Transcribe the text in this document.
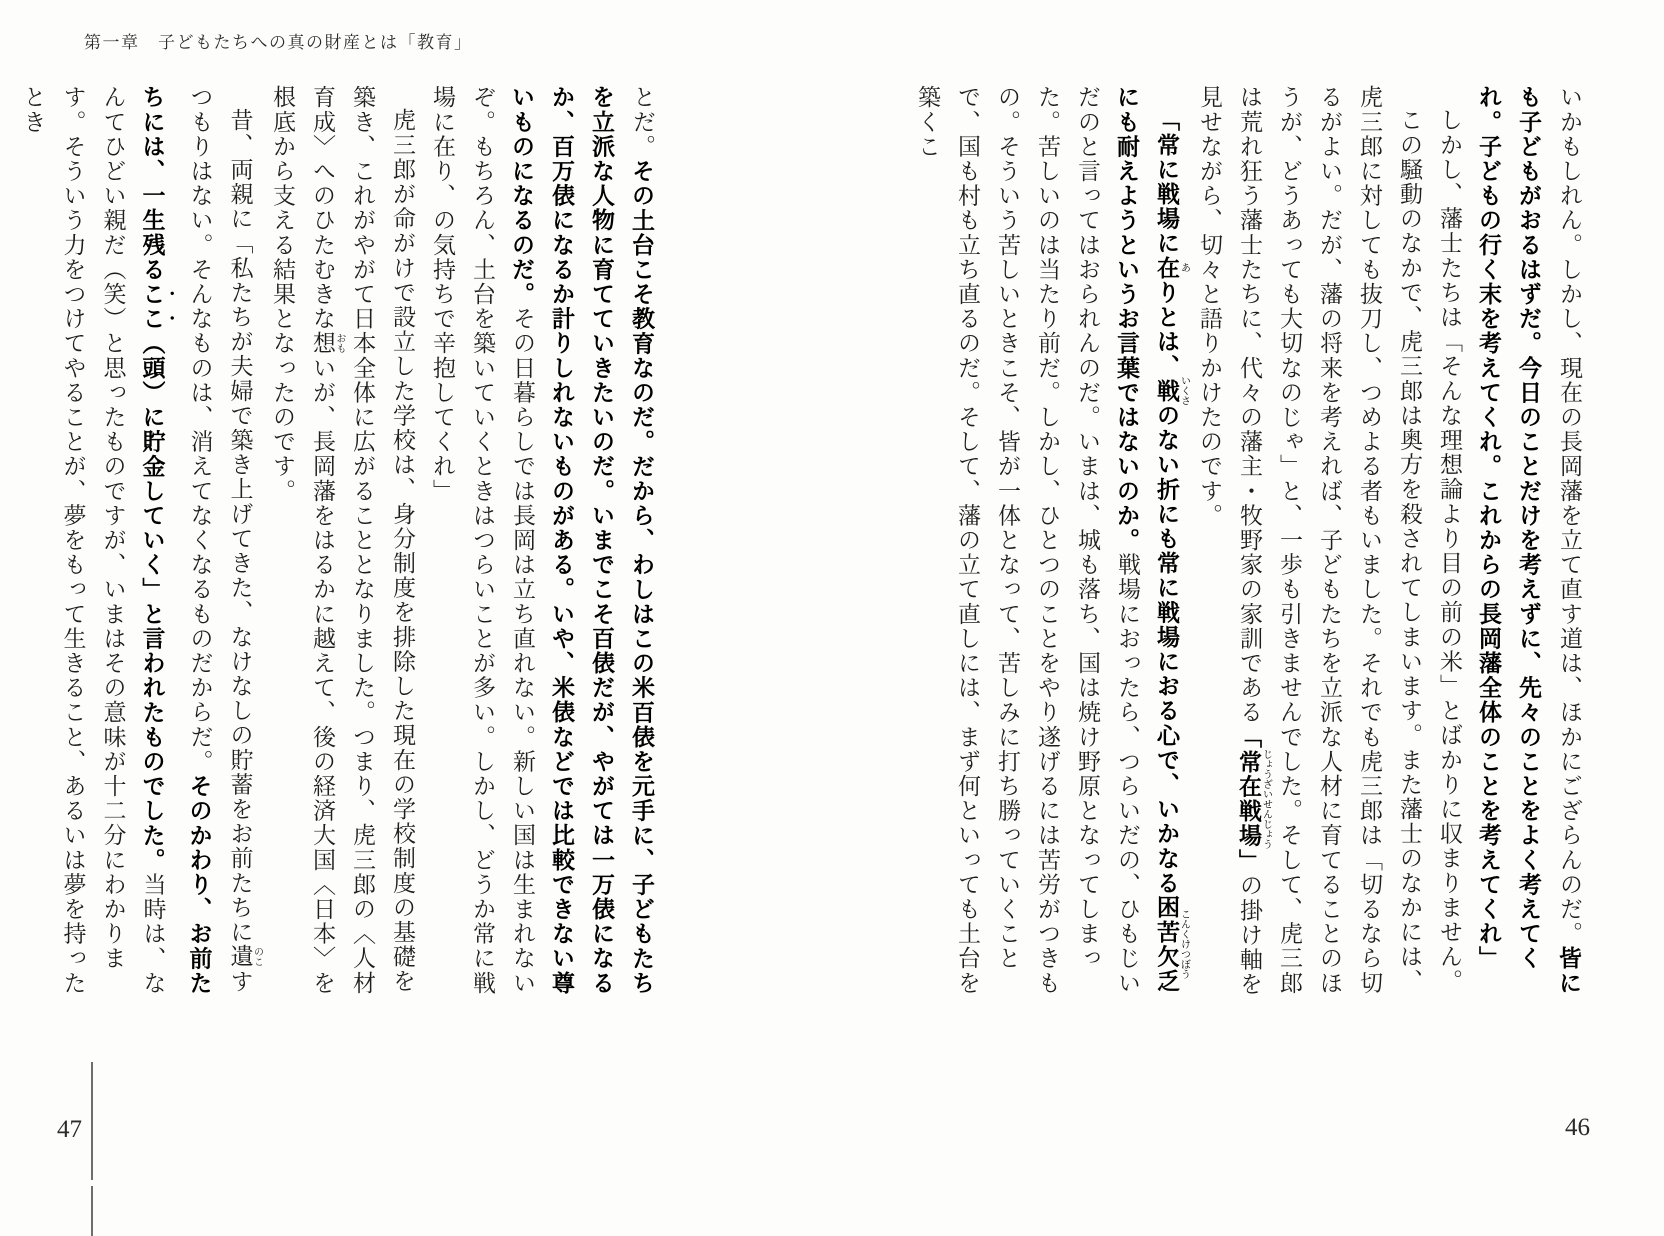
第一章　子どもたちへの真の財産とは「教育」

いかもしれん。しかし、現在の長岡藩を立て直す道は、ほかにござらんのだ。皆にも子どもがおるはずだ。今日のことだけを考えずに、先々のことをよく考えてくれ。子どもの行く末を考えてくれ。これからの長岡藩全体のことを考えてくれ」

しかし、藩士たちは「そんな理想論より目の前の米」とばかりに収まりません。

この騒動のなかで、虎三郎は奥方を殺されてしまいます。また藩士のなかには、虎三郎に対しても抜刀し、つめよる者もいました。それでも虎三郎は「切るなら切るがよい。だが、藩の将来を考えれば、子どもたちを立派な人材に育てることのほうが、どうあっても大切なのじゃ」と、一歩も引きませんでした。そして、虎三郎は荒れ狂う藩士たちに、代々の藩主・牧野家の家訓である「常在戦場じょうざいせんじょう」の掛け軸を見せながら、切々と語りかけたのです。

「常に戦場に在ありとは、戦いくさのない折にも常に戦場におる心で、いかなる困苦欠乏こんくけつぼうにも耐えようというお言葉ではないのか。戦場におったら、つらいだの、ひもじいだのと言ってはおられんのだ。いまは、城も落ち、国は焼け野原となってしまった。苦しいのは当たり前だ。しかし、ひとつのことをやり遂げるには苦労がつきもの。そういう苦しいときこそ、皆が一体となって、苦しみに打ち勝っていくことで、国も村も立ち直るのだ。そして、藩の立て直しには、まず何といっても土台を築くこ

とだ。その土台こそ教育なのだ。だから、わしはこの米百俵を元手に、子どもたちを立派な人物に育てていきたいのだ。いまでこそ百俵だが、やがては一万俵になるか、百万俵になるか計りしれないものがある。いや、米俵などでは比較できない尊いものになるのだ。その日暮らしでは長岡は立ち直れない。新しい国は生まれないぞ。もちろん、土台を築いていくときはつらいことが多い。しかし、どうか常に戦場に在り、の気持ちで辛抱してくれ」

虎三郎が命がけで設立した学校は、身分制度を排除した現在の学校制度の基礎を築き、これがやがて日本全体に広がることとなりました。つまり、虎三郎の〈人材育成〉へのひたむきな想 おもいが、長岡藩をはるかに越えて、後の経済大国〈日本〉を根底から支える結果となったのです。

昔、両親に「私たちが夫婦で築き上げてきた、なけなしの貯蓄をお前たちに遺 のこすつもりはない。そんなものは、消えてなくなるものだからだ。そのかわり、お前たちには、一生残るここ（頭）に貯金していく」と言われたものでした。当時は、なんてひどい親だ（笑）と思ったものですが、いまはその意味が十二分にわかります。そういう力をつけてやることが、夢をもって生きること、あるいは夢を持ったとき

46
47
